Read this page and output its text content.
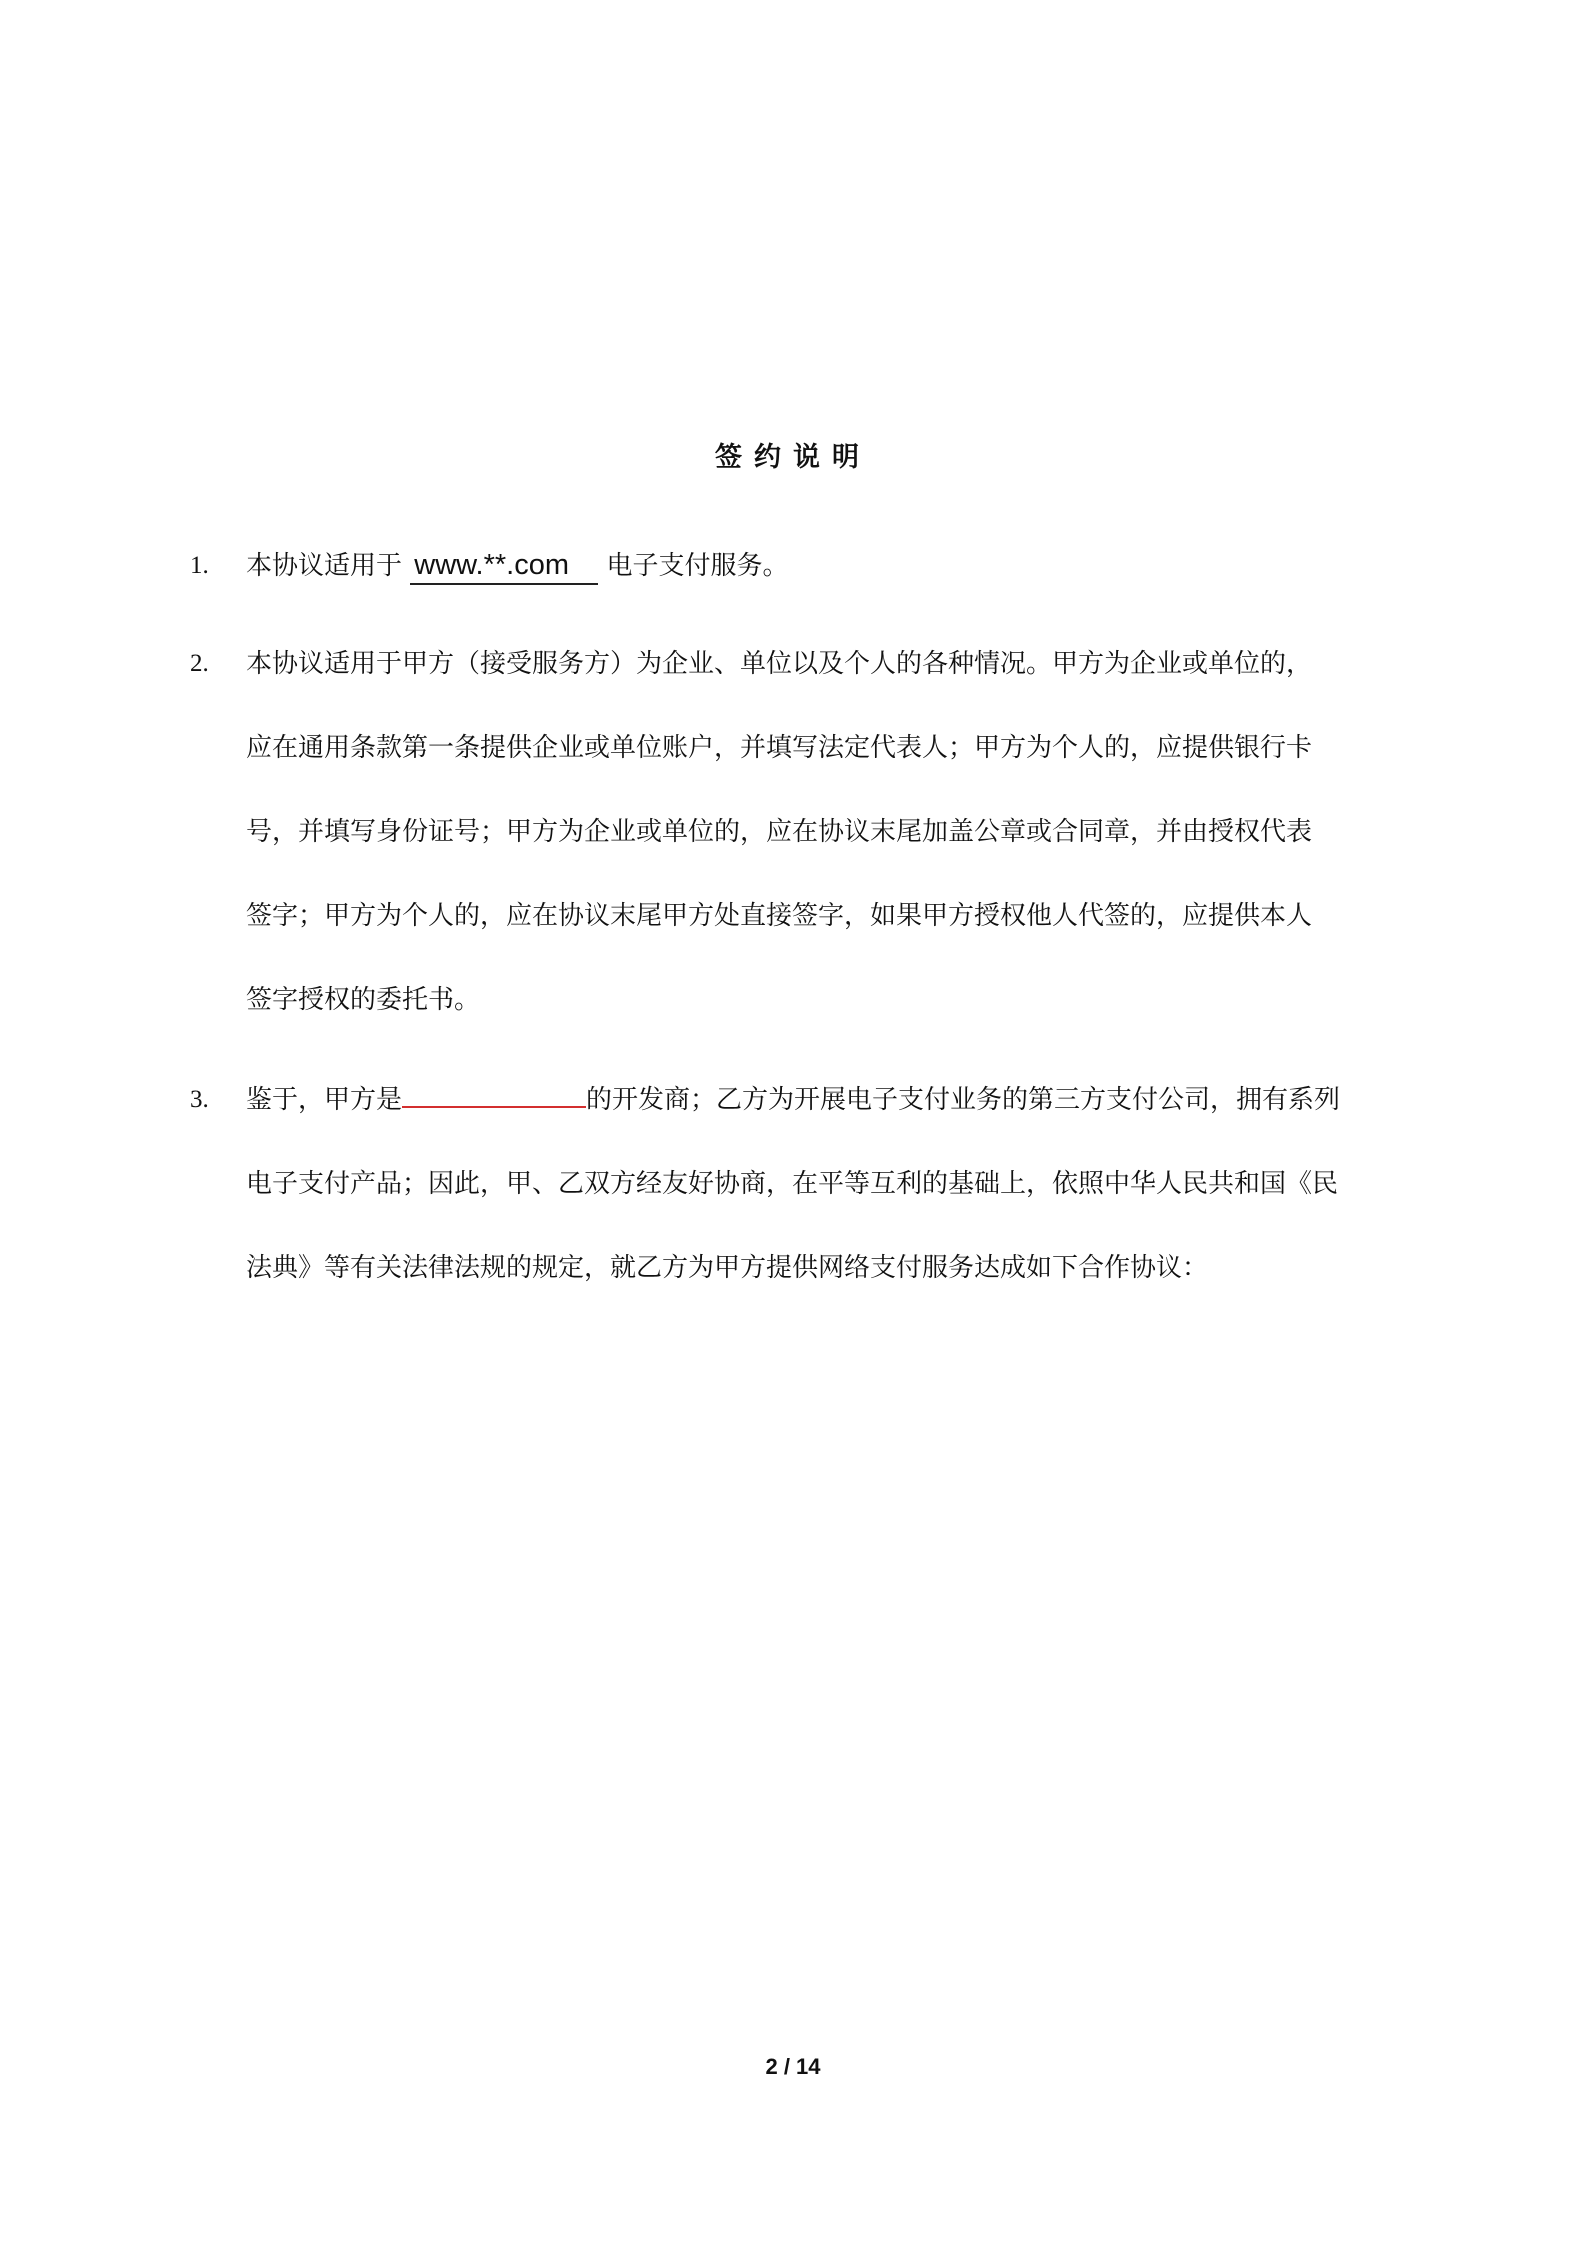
签约说明
1. 本协议适用于 www.**.com 电子支付服务。
2. 本协议适用于甲方（接受服务方）为企业、单位以及个人的各种情况。甲方为企业或单位的，
应在通用条款第一条提供企业或单位账户，并填写法定代表人；甲方为个人的，应提供银行卡
号，并填写身份证号；甲方为企业或单位的，应在协议末尾加盖公章或合同章，并由授权代表
签字；甲方为个人的，应在协议末尾甲方处直接签字，如果甲方授权他人代签的，应提供本人
签字授权的委托书。
3. 鉴于，甲方是	的开发商；乙方为开展电子支付业务的第三方支付公司，拥有系列
电子支付产品；因此，甲、乙双方经友好协商，在平等互利的基础上，依照中华人民共和国《民
法典》等有关法律法规的规定，就乙方为甲方提供网络支付服务达成如下合作协议：
2 / 14
